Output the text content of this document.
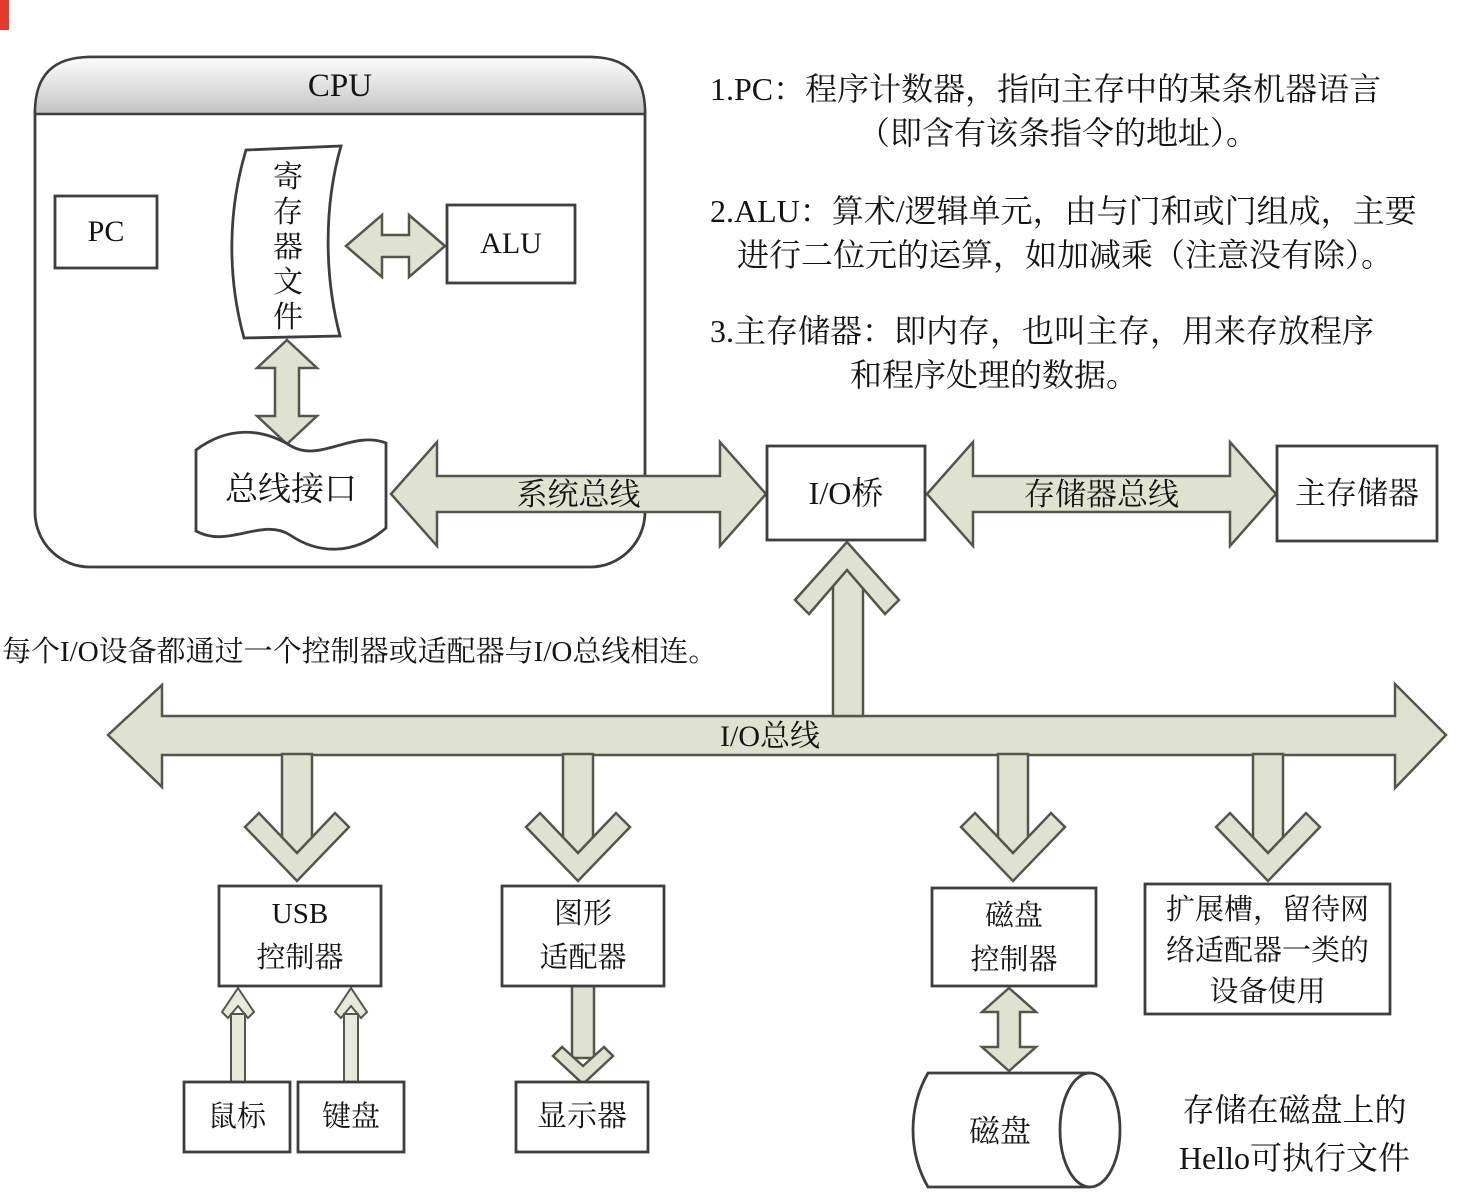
CPU
PC
寄存器文件
ALU
总线接口	系统总线	I/O桥	存储器总线	主存储器
1.PC：程序计数器，指向主存中的某条机器语言
（即含有该条指令的地址）。
2.ALU：算术/逻辑单元，由与门和或门组成，主要
进行二位元的运算，如加减乘（注意没有除）。
3.主存储器：即内存，也叫主存，用来存放程序
和程序处理的数据。
每个I/O设备都通过一个控制器或适配器与I/O总线相连。
I/O总线
USB
控制器
图形
适配器
磁盘
控制器
扩展槽，留待网
络适配器一类的
设备使用
鼠标	键盘	显示器	磁盘
存储在磁盘上的
Hello可执行文件
